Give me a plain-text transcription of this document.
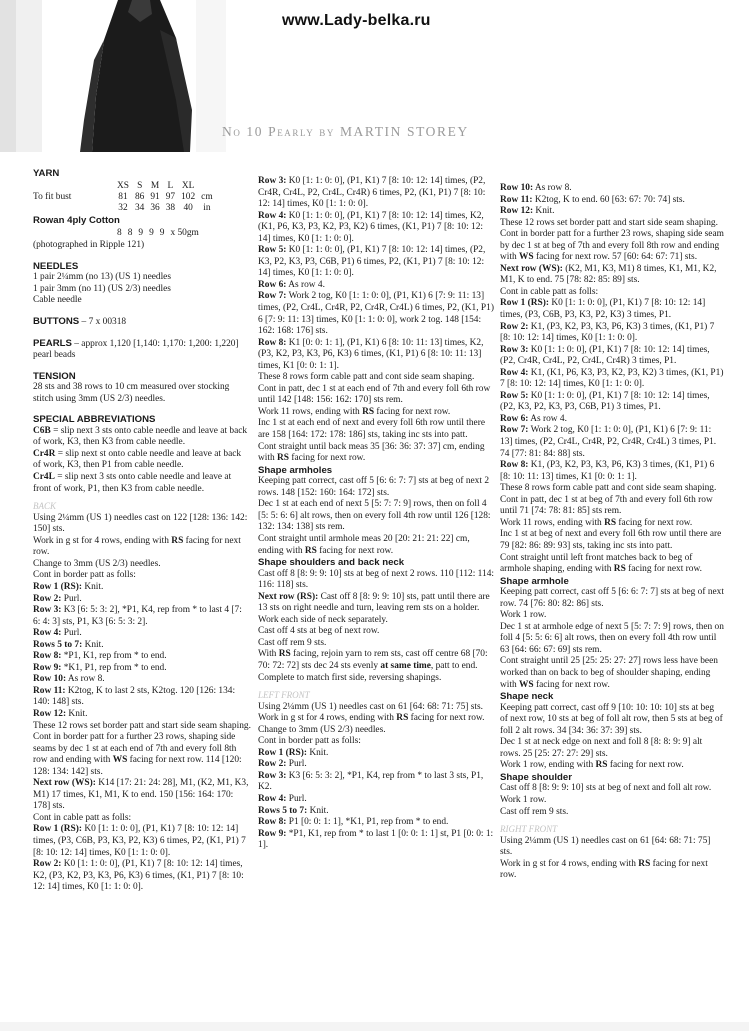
www.Lady-belka.ru
No 10 Pearly by MARTIN STOREY

YARN

	XS	S	M	L	XL	
To fit bust	81	86	91	97	102	cm
	32	34	36	38	40	in

Rowan 4ply Cotton

	8	8	9	9	9	x 50gm

(photographed in Ripple 121)

NEEDLES

1 pair 2¼mm (no 13) (US 1) needles

1 pair 3mm (no 11) (US 2/3) needles

Cable needle

BUTTONS – 7 x 00318

PEARLS – approx 1,120 [1,140: 1,170: 1,200: 1,220] pearl beads

TENSION

28 sts and 38 rows to 10 cm measured over stocking stitch using 3mm (US 2/3) needles.

SPECIAL ABBREVIATIONS

C6B = slip next 3 sts onto cable needle and leave at back of work, K3, then K3 from cable needle.

Cr4R = slip next st onto cable needle and leave at back of work, K3, then P1 from cable needle.

Cr4L = slip next 3 sts onto cable needle and leave at front of work, P1, then K3 from cable needle.

BACK

Using 2¼mm (US 1) needles cast on 122 [128: 136: 142: 150] sts.

Work in g st for 4 rows, ending with RS facing for next row.

Change to 3mm (US 2/3) needles.

Cont in border patt as folls:

Row 1 (RS): Knit.

Row 2: Purl.

Row 3: K3 [6: 5: 3: 2], *P1, K4, rep from * to last 4 [7: 6: 4: 3] sts, P1, K3 [6: 5: 3: 2].

Row 4: Purl.

Rows 5 to 7: Knit.

Row 8: *P1, K1, rep from * to end.

Row 9: *K1, P1, rep from * to end.

Row 10: As row 8.

Row 11: K2tog, K to last 2 sts, K2tog. 120 [126: 134: 140: 148] sts.

Row 12: Knit.

These 12 rows set border patt and start side seam shaping.

Cont in border patt for a further 23 rows, shaping side seams by dec 1 st at each end of 7th and every foll 8th row and ending with WS facing for next row. 114 [120: 128: 134: 142] sts.

Next row (WS): K14 [17: 21: 24: 28], M1, (K2, M1, K3, M1) 17 times, K1, M1, K to end. 150 [156: 164: 170: 178] sts.

Cont in cable patt as folls:

Row 1 (RS): K0 [1: 1: 0: 0], (P1, K1) 7 [8: 10: 12: 14] times, (P3, C6B, P3, K3, P2, K3) 6 times, P2, (K1, P1) 7 [8: 10: 12: 14] times, K0 [1: 1: 0: 0].

Row 2: K0 [1: 1: 0: 0], (P1, K1) 7 [8: 10: 12: 14] times, K2, (P3, K2, P3, K3, P6, K3) 6 times, (K1, P1) 7 [8: 10: 12: 14] times, K0 [1: 1: 0: 0].

Row 3: K0 [1: 1: 0: 0], (P1, K1) 7 [8: 10: 12: 14] times, (P2, Cr4R, Cr4L, P2, Cr4L, Cr4R) 6 times, P2, (K1, P1) 7 [8: 10: 12: 14] times, K0 [1: 1: 0: 0].

Row 4: K0 [1: 1: 0: 0], (P1, K1) 7 [8: 10: 12: 14] times, K2, (K1, P6, K3, P3, K2, P3, K2) 6 times, (K1, P1) 7 [8: 10: 12: 14] times, K0 [1: 1: 0: 0].

Row 5: K0 [1: 1: 0: 0], (P1, K1) 7 [8: 10: 12: 14] times, (P2, K3, P2, K3, P3, C6B, P1) 6 times, P2, (K1, P1) 7 [8: 10: 12: 14] times, K0 [1: 1: 0: 0].

Row 6: As row 4.

Row 7: Work 2 tog, K0 [1: 1: 0: 0], (P1, K1) 6 [7: 9: 11: 13] times, (P2, Cr4L, Cr4R, P2, Cr4R, Cr4L) 6 times, P2, (K1, P1) 6 [7: 9: 11: 13] times, K0 [1: 1: 0: 0], work 2 tog. 148 [154: 162: 168: 176] sts.

Row 8: K1 [0: 0: 1: 1], (P1, K1) 6 [8: 10: 11: 13] times, K2, (P3, K2, P3, K3, P6, K3) 6 times, (K1, P1) 6 [8: 10: 11: 13] times, K1 [0: 0: 1: 1].

These 8 rows form cable patt and cont side seam shaping.

Cont in patt, dec 1 st at each end of 7th and every foll 6th row until 142 [148: 156: 162: 170] sts rem.

Work 11 rows, ending with RS facing for next row.

Inc 1 st at each end of next and every foll 6th row until there are 158 [164: 172: 178: 186] sts, taking inc sts into patt.

Cont straight until back meas 35 [36: 36: 37: 37] cm, ending with RS facing for next row.

Shape armholes

Keeping patt correct, cast off 5 [6: 6: 7: 7] sts at beg of next 2 rows. 148 [152: 160: 164: 172] sts.

Dec 1 st at each end of next 5 [5: 7: 7: 9] rows, then on foll 4 [5: 5: 6: 6] alt rows, then on every foll 4th row until 126 [128: 132: 134: 138] sts rem.

Cont straight until armhole meas 20 [20: 21: 21: 22] cm, ending with RS facing for next row.

Shape shoulders and back neck

Cast off 8 [8: 9: 9: 10] sts at beg of next 2 rows. 110 [112: 114: 116: 118] sts.

Next row (RS): Cast off 8 [8: 9: 9: 10] sts, patt until there are 13 sts on right needle and turn, leaving rem sts on a holder.

Work each side of neck separately.

Cast off 4 sts at beg of next row.

Cast off rem 9 sts.

With RS facing, rejoin yarn to rem sts, cast off centre 68 [70: 70: 72: 72] sts dec 24 sts evenly at same time, patt to end.

Complete to match first side, reversing shapings.

LEFT FRONT

Using 2¼mm (US 1) needles cast on 61 [64: 68: 71: 75] sts.

Work in g st for 4 rows, ending with RS facing for next row.

Change to 3mm (US 2/3) needles.

Cont in border patt as folls:

Row 1 (RS): Knit.

Row 2: Purl.

Row 3: K3 [6: 5: 3: 2], *P1, K4, rep from * to last 3 sts, P1, K2.

Row 4: Purl.

Rows 5 to 7: Knit.

Row 8: P1 [0: 0: 1: 1], *K1, P1, rep from * to end.

Row 9: *P1, K1, rep from * to last 1 [0: 0: 1: 1] st, P1 [0: 0: 1: 1].

Row 10: As row 8.

Row 11: K2tog, K to end. 60 [63: 67: 70: 74] sts.

Row 12: Knit.

These 12 rows set border patt and start side seam shaping.

Cont in border patt for a further 23 rows, shaping side seam by dec 1 st at beg of 7th and every foll 8th row and ending with WS facing for next row. 57 [60: 64: 67: 71] sts.

Next row (WS): (K2, M1, K3, M1) 8 times, K1, M1, K2, M1, K to end. 75 [78: 82: 85: 89] sts.

Cont in cable patt as folls:

Row 1 (RS): K0 [1: 1: 0: 0], (P1, K1) 7 [8: 10: 12: 14] times, (P3, C6B, P3, K3, P2, K3) 3 times, P1.

Row 2: K1, (P3, K2, P3, K3, P6, K3) 3 times, (K1, P1) 7 [8: 10: 12: 14] times, K0 [1: 1: 0: 0].

Row 3: K0 [1: 1: 0: 0], (P1, K1) 7 [8: 10: 12: 14] times, (P2, Cr4R, Cr4L, P2, Cr4L, Cr4R) 3 times, P1.

Row 4: K1, (K1, P6, K3, P3, K2, P3, K2) 3 times, (K1, P1) 7 [8: 10: 12: 14] times, K0 [1: 1: 0: 0].

Row 5: K0 [1: 1: 0: 0], (P1, K1) 7 [8: 10: 12: 14] times, (P2, K3, P2, K3, P3, C6B, P1) 3 times, P1.

Row 6: As row 4.

Row 7: Work 2 tog, K0 [1: 1: 0: 0], (P1, K1) 6 [7: 9: 11: 13] times, (P2, Cr4L, Cr4R, P2, Cr4R, Cr4L) 3 times, P1. 74 [77: 81: 84: 88] sts.

Row 8: K1, (P3, K2, P3, K3, P6, K3) 3 times, (K1, P1) 6 [8: 10: 11: 13] times, K1 [0: 0: 1: 1].

These 8 rows form cable patt and cont side seam shaping.

Cont in patt, dec 1 st at beg of 7th and every foll 6th row until 71 [74: 78: 81: 85] sts rem.

Work 11 rows, ending with RS facing for next row.

Inc 1 st at beg of next and every foll 6th row until there are 79 [82: 86: 89: 93] sts, taking inc sts into patt.

Cont straight until left front matches back to beg of armhole shaping, ending with RS facing for next row.

Shape armhole

Keeping patt correct, cast off 5 [6: 6: 7: 7] sts at beg of next row. 74 [76: 80: 82: 86] sts.

Work 1 row.

Dec 1 st at armhole edge of next 5 [5: 7: 7: 9] rows, then on foll 4 [5: 5: 6: 6] alt rows, then on every foll 4th row until 63 [64: 66: 67: 69] sts rem.

Cont straight until 25 [25: 25: 27: 27] rows less have been worked than on back to beg of shoulder shaping, ending with WS facing for next row.

Shape neck

Keeping patt correct, cast off 9 [10: 10: 10: 10] sts at beg of next row, 10 sts at beg of foll alt row, then 5 sts at beg of foll 2 alt rows. 34 [34: 36: 37: 39] sts.

Dec 1 st at neck edge on next and foll 8 [8: 8: 9: 9] alt rows. 25 [25: 27: 27: 29] sts.

Work 1 row, ending with RS facing for next row.

Shape shoulder

Cast off 8 [8: 9: 9: 10] sts at beg of next and foll alt row.

Work 1 row.

Cast off rem 9 sts.

RIGHT FRONT

Using 2¼mm (US 1) needles cast on 61 [64: 68: 71: 75] sts.

Work in g st for 4 rows, ending with RS facing for next row.
